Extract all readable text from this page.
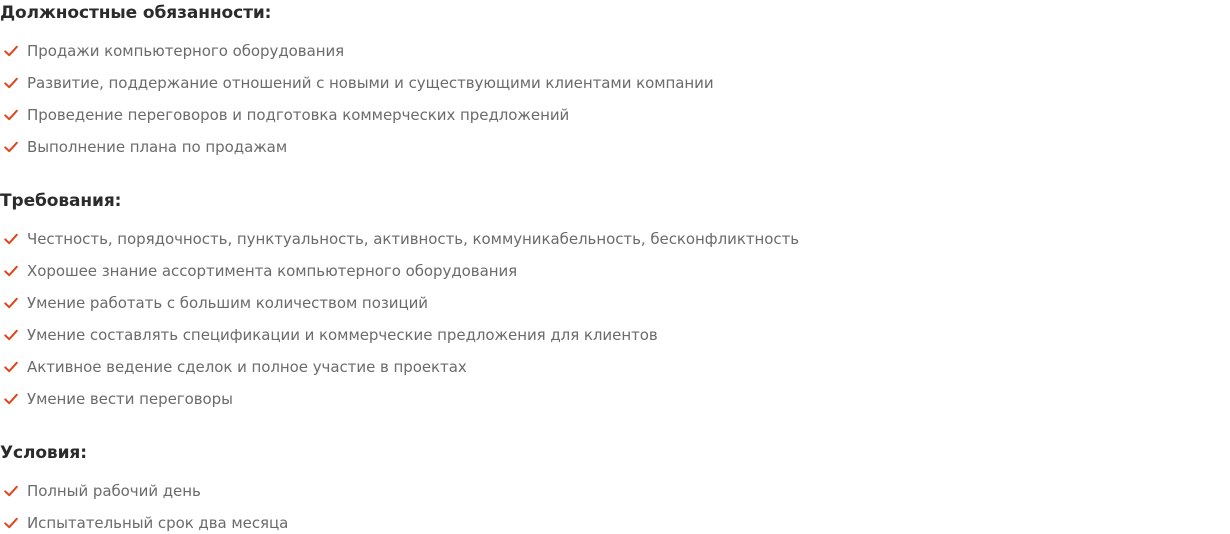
Должностные обязанности:
Продажи компьютерного оборудования
Развитие, поддержание отношений с новыми и существующими клиентами компании
Проведение переговоров и подготовка коммерческих предложений
Выполнение плана по продажам
Требования:
Честность, порядочность, пунктуальность, активность, коммуникабельность, бесконфликтность
Хорошее знание ассортимента компьютерного оборудования
Умение работать с большим количеством позиций
Умение составлять спецификации и коммерческие предложения для клиентов
Активное ведение сделок и полное участие в проектах
Умение вести переговоры
Условия:
Полный рабочий день
Испытательный срок два месяца
